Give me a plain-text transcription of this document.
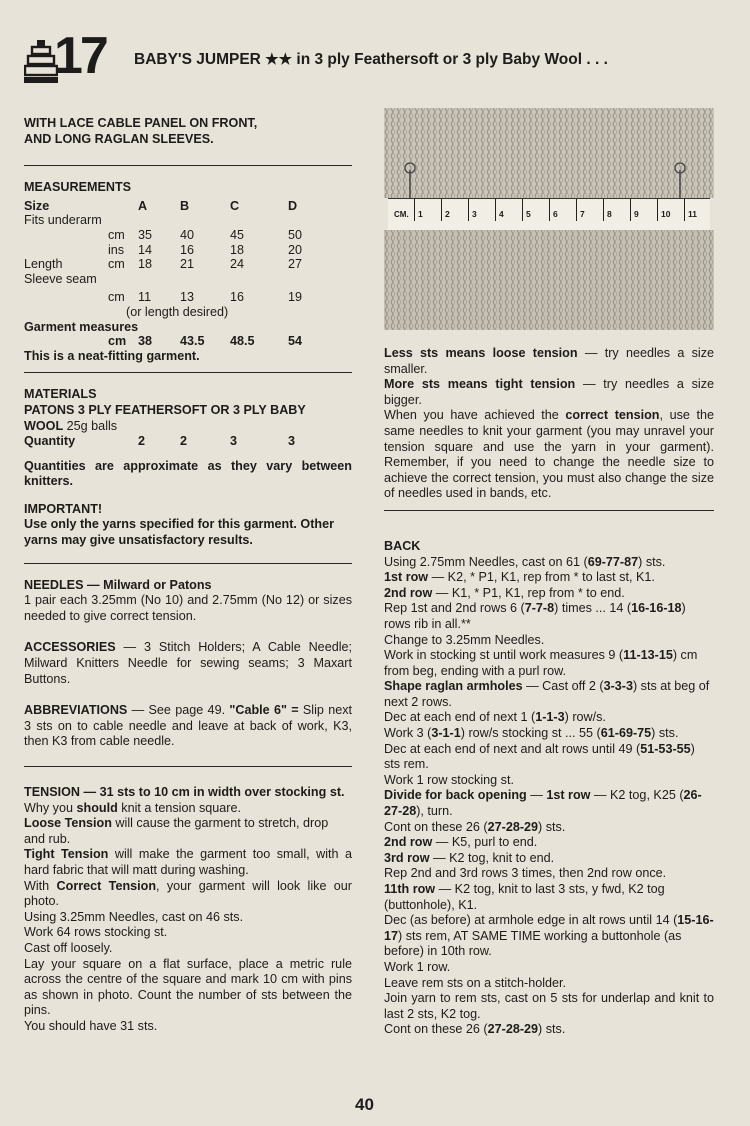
17 BABY'S JUMPER ★★ in 3 ply Feathersoft or 3 ply Baby Wool . . .

WITH LACE CABLE PANEL ON FRONT,

AND LONG RAGLAN SLEEVES.

MEASUREMENTS

Size		A	B	C	D
Fits underarm					
	cm	35	40	45	50
	ins	14	16	18	20
Length	cm	18	21	24	27
Sleeve seam					
	cm	11	13	16	19
	(or length desired)				
Garment measures					
	cm	38	43.5	48.5	54

This is a neat-fitting garment.

MATERIALS

PATONS 3 PLY FEATHERSOFT OR 3 PLY BABY

WOOL 25g balls

Quantity	2	2	3	3

Quantities are approximate as they vary between knitters.

IMPORTANT!

Use only the yarns specified for this garment. Other yarns may give unsatisfactory results.

NEEDLES — Milward or Patons

1 pair each 3.25mm (No 10) and 2.75mm (No 12) or sizes needed to give correct tension.

ACCESSORIES — 3 Stitch Holders; A Cable Needle; Milward Knitters Needle for sewing seams; 3 Maxart Buttons.

ABBREVIATIONS — See page 49. "Cable 6" = Slip next 3 sts on to cable needle and leave at back of work, K3, then K3 from cable needle.

TENSION — 31 sts to 10 cm in width over stocking st.

Why you should knit a tension square.

Loose Tension will cause the garment to stretch, drop and rub.

Tight Tension will make the garment too small, with a hard fabric that will matt during washing.

With Correct Tension, your garment will look like our photo.

Using 3.25mm Needles, cast on 46 sts.

Work 64 rows stocking st.

Cast off loosely.

Lay your square on a flat surface, place a metric rule across the centre of the square and mark 10 cm with pins as shown in photo. Count the number of sts between the pins.

You should have 31 sts.

CM. 1	2	3	4	5	6	7	8	9	10 11

Less sts means loose tension — try needles a size smaller.

More sts means tight tension — try needles a size bigger.

When you have achieved the correct tension, use the same needles to knit your garment (you may unravel your tension square and use the yarn in your garment). Remember, if you need to change the needle size to achieve the correct tension, you must also change the size of needles used in bands, etc.

BACK

Using 2.75mm Needles, cast on 61 (69-77-87) sts.

1st row — K2, * P1, K1, rep from * to last st, K1.

2nd row — K1, * P1, K1, rep from * to end.

Rep 1st and 2nd rows 6 (7-7-8) times ... 14 (16-16-18) rows rib in all.**

Change to 3.25mm Needles.

Work in stocking st until work measures 9 (11-13-15) cm from beg, ending with a purl row.

Shape raglan armholes — Cast off 2 (3-3-3) sts at beg of next 2 rows.

Dec at each end of next 1 (1-1-3) row/s.

Work 3 (3-1-1) row/s stocking st ... 55 (61-69-75) sts.

Dec at each end of next and alt rows until 49 (51-53-55) sts rem.

Work 1 row stocking st.

Divide for back opening — 1st row — K2 tog, K25 (26-27-28), turn.

Cont on these 26 (27-28-29) sts.

2nd row — K5, purl to end.

3rd row — K2 tog, knit to end.

Rep 2nd and 3rd rows 3 times, then 2nd row once.

11th row — K2 tog, knit to last 3 sts, y fwd, K2 tog (buttonhole), K1.

Dec (as before) at armhole edge in alt rows until 14 (15-16-17) sts rem, AT SAME TIME working a buttonhole (as before) in 10th row.

Work 1 row.

Leave rem sts on a stitch-holder.

Join yarn to rem sts, cast on 5 sts for underlap and knit to last 2 sts, K2 tog.

Cont on these 26 (27-28-29) sts.

40
